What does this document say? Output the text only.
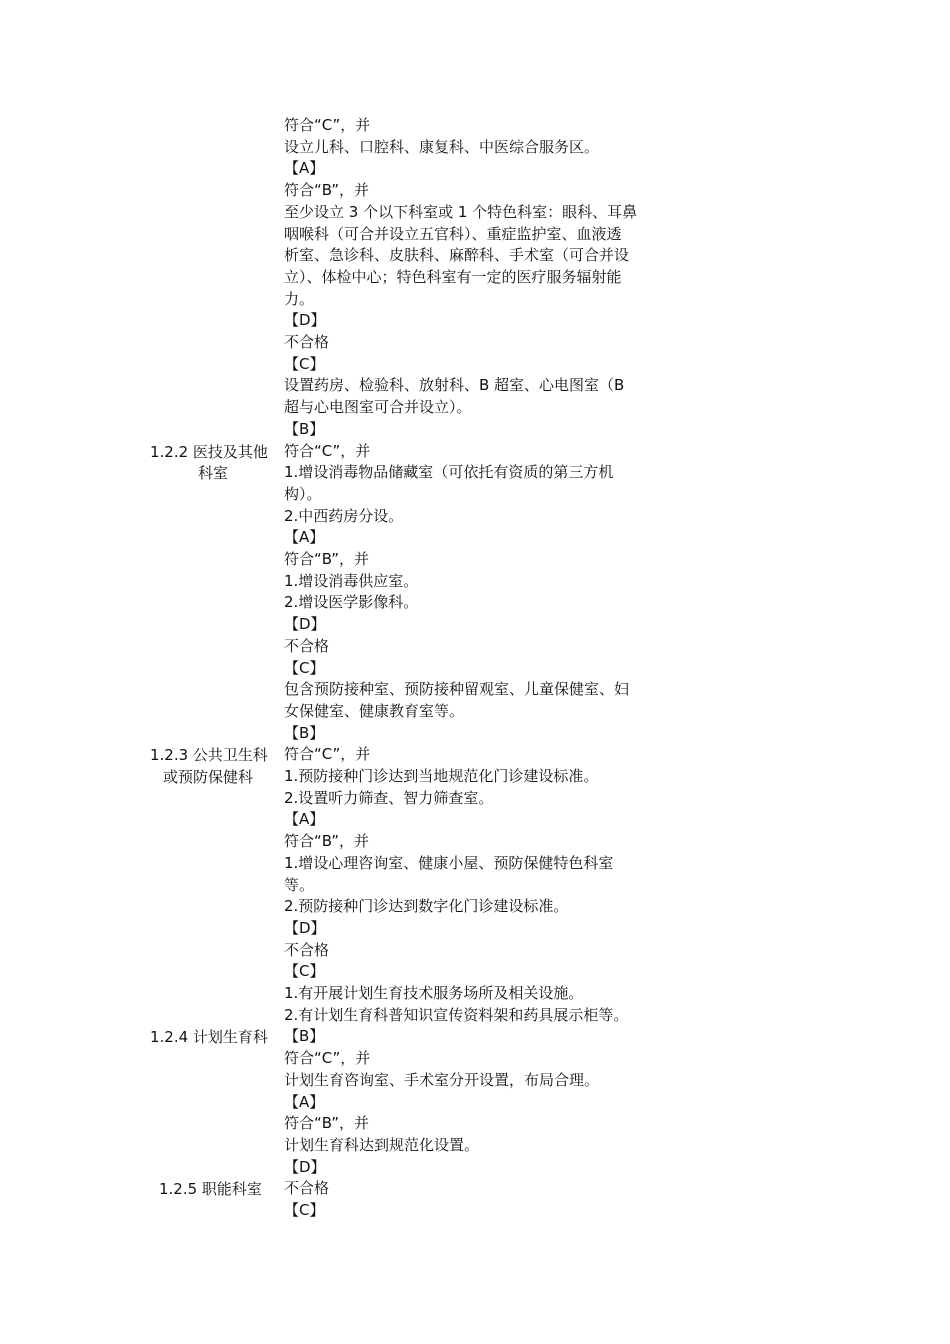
1.2.2 医技及其他
科室
1.2.3 公共卫生科
或预防保健科
1.2.4 计划生育科
1.2.5 职能科室
符合“C”，并
设立儿科、口腔科、康复科、中医综合服务区。
【A】
符合“B”，并
至少设立 3 个以下科室或 1 个特色科室：眼科、耳鼻
咽喉科（可合并设立五官科）、重症监护室、血液透
析室、急诊科、皮肤科、麻醉科、手术室（可合并设
立）、体检中心；特色科室有一定的医疗服务辐射能
力。
【D】
不合格
【C】
设置药房、检验科、放射科、B 超室、心电图室（B
超与心电图室可合并设立）。
【B】
符合“C”，并
1.增设消毒物品储藏室（可依托有资质的第三方机
构）。
2.中西药房分设。
【A】
符合“B”，并
1.增设消毒供应室。
2.增设医学影像科。
【D】
不合格
【C】
包含预防接种室、预防接种留观室、儿童保健室、妇
女保健室、健康教育室等。
【B】
符合“C”，并
1.预防接种门诊达到当地规范化门诊建设标准。
2.设置听力筛查、智力筛查室。
【A】
符合“B”，并
1.增设心理咨询室、健康小屋、预防保健特色科室
等。
2.预防接种门诊达到数字化门诊建设标准。
【D】
不合格
【C】
1.有开展计划生育技术服务场所及相关设施。
2.有计划生育科普知识宣传资料架和药具展示柜等。
【B】
符合“C”，并
计划生育咨询室、手术室分开设置，布局合理。
【A】
符合“B”，并
计划生育科达到规范化设置。
【D】
不合格
【C】
